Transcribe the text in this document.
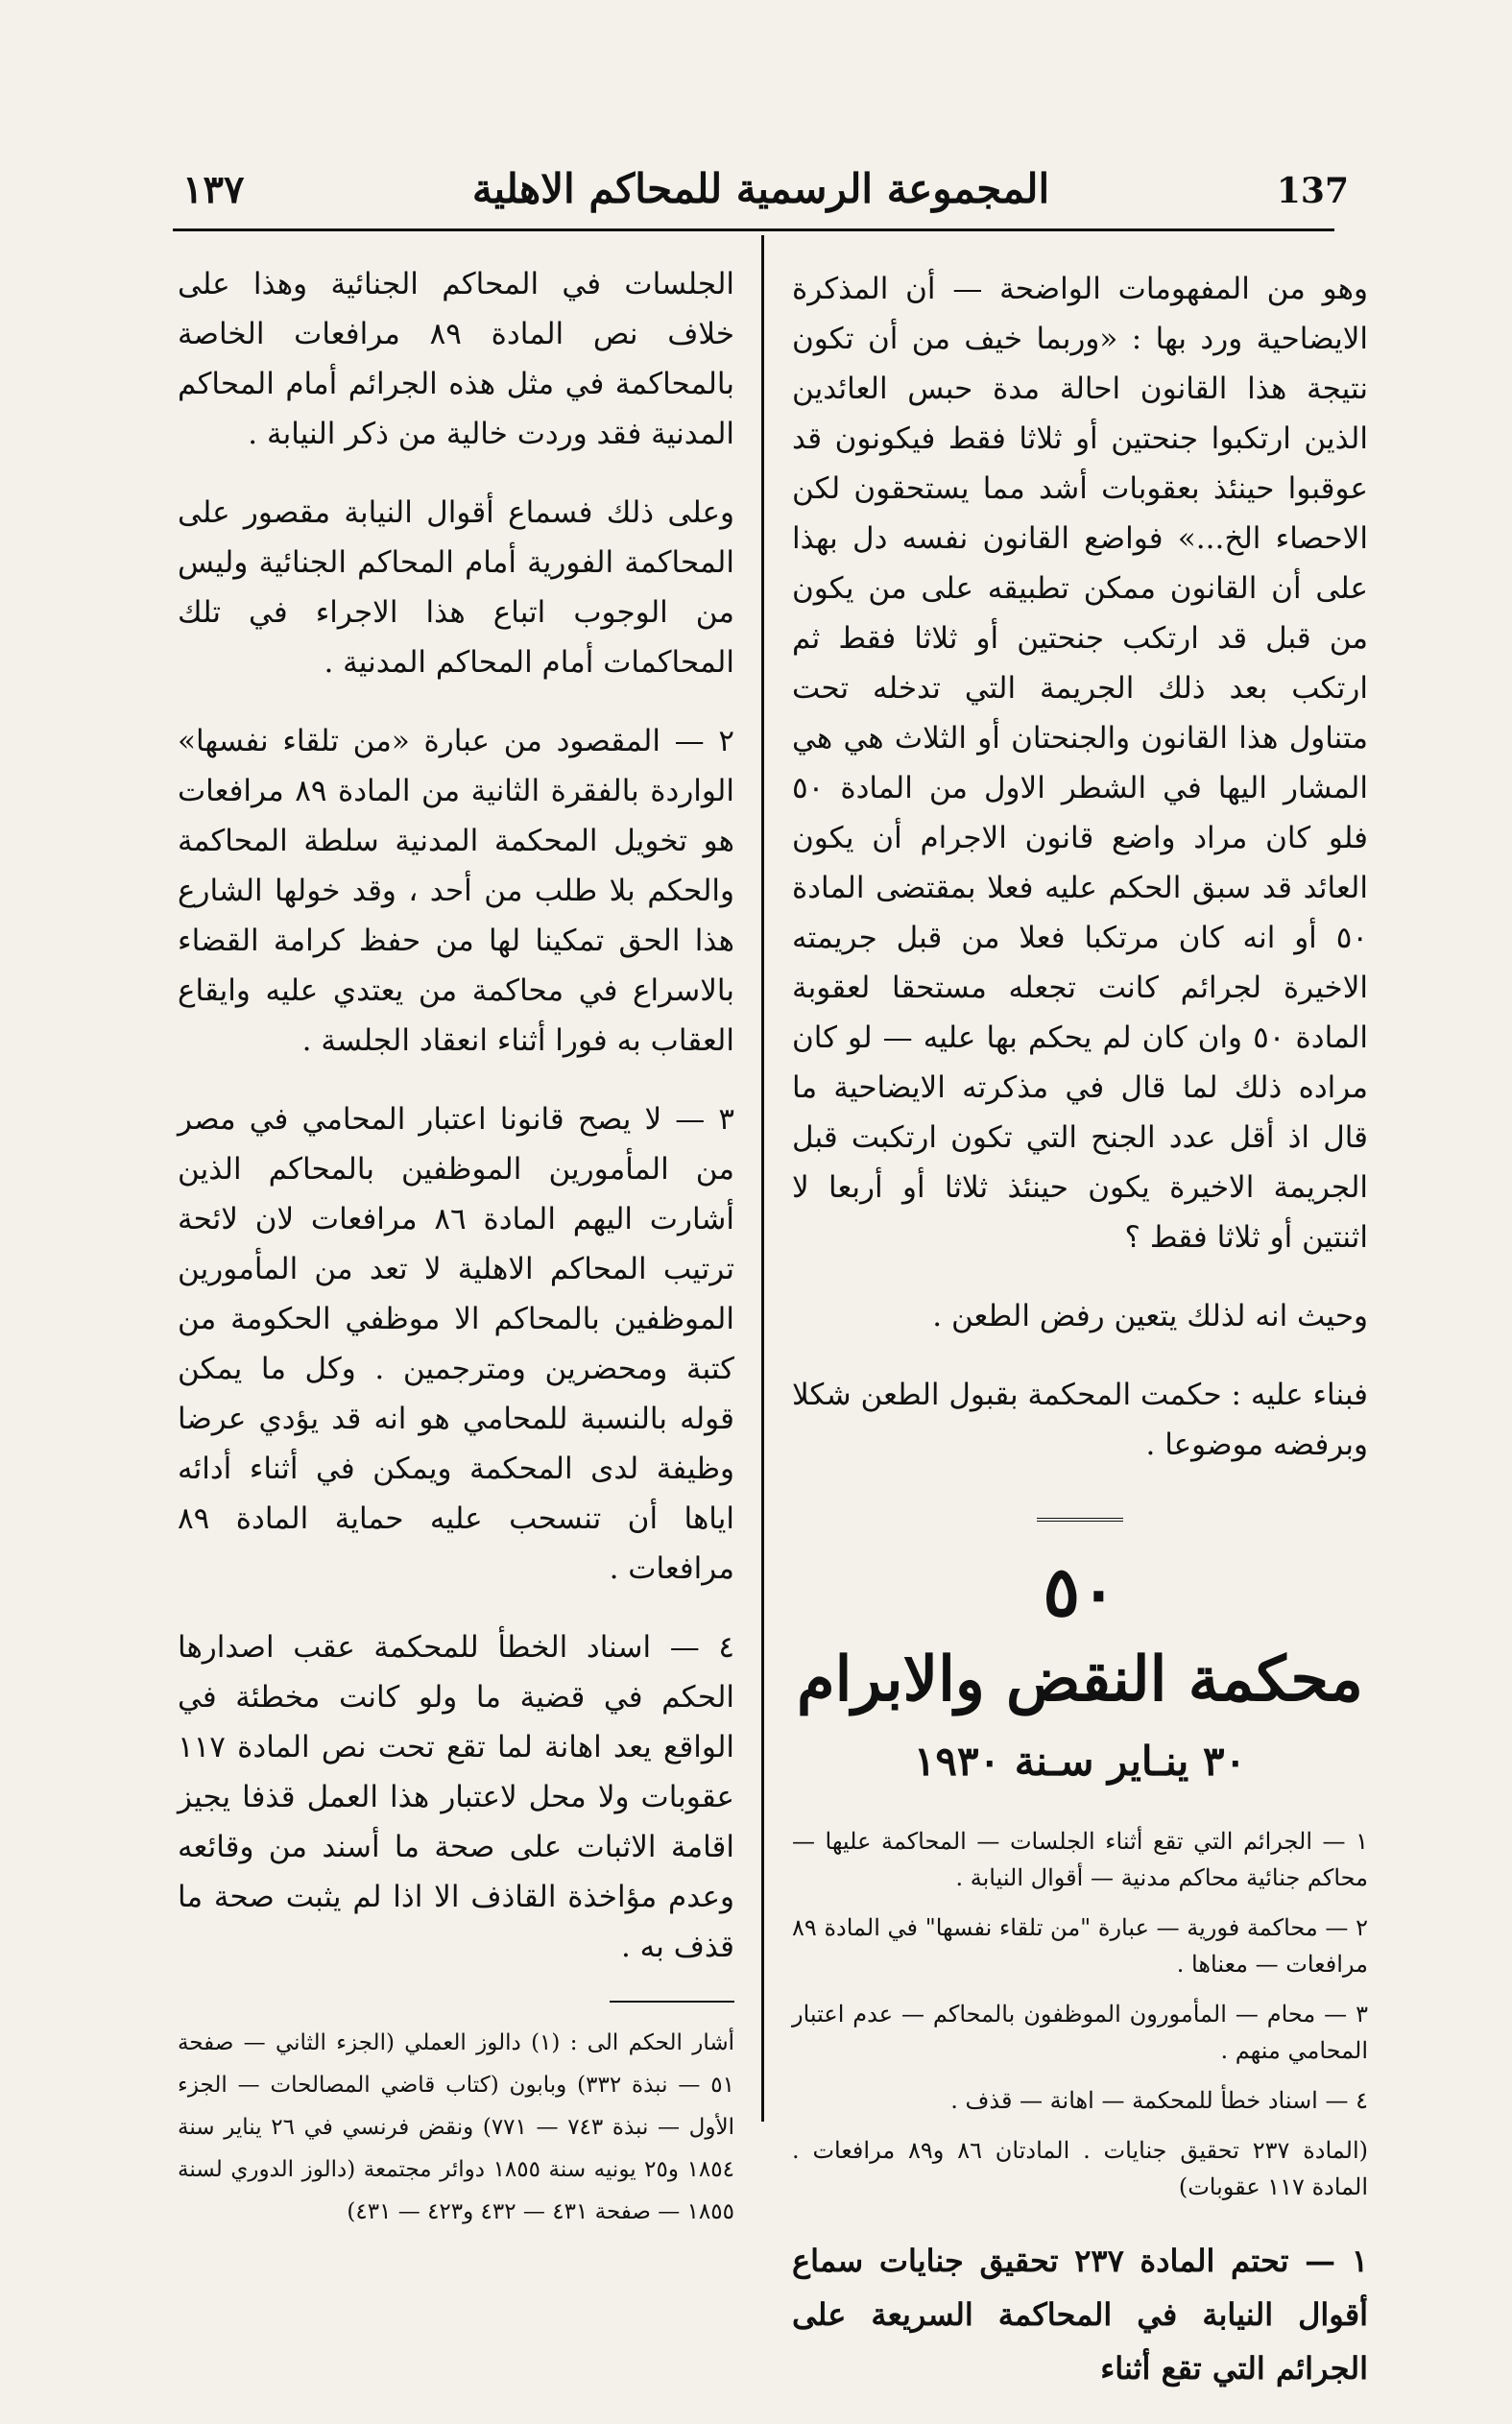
137
المجموعة الرسمية للمحاكم الاهلية
١٣٧

وهو من المفهومات الواضحة — أن المذكرة الايضاحية ورد بها : «وربما خيف من أن تكون نتيجة هذا القانون احالة مدة حبس العائدين الذين ارتكبوا جنحتين أو ثلاثا فقط فيكونون قد عوقبوا حينئذ بعقوبات أشد مما يستحقون لكن الاحصاء الخ...» فواضع القانون نفسه دل بهذا على أن القانون ممكن تطبيقه على من يكون من قبل قد ارتكب جنحتين أو ثلاثا فقط ثم ارتكب بعد ذلك الجريمة التي تدخله تحت متناول هذا القانون والجنحتان أو الثلاث هي هي المشار اليها في الشطر الاول من المادة ٥٠ فلو كان مراد واضع قانون الاجرام أن يكون العائد قد سبق الحكم عليه فعلا بمقتضى المادة ٥٠ أو انه كان مرتكبا فعلا من قبل جريمته الاخيرة لجرائم كانت تجعله مستحقا لعقوبة المادة ٥٠ وان كان لم يحكم بها عليه — لو كان مراده ذلك لما قال في مذكرته الايضاحية ما قال اذ أقل عدد الجنح التي تكون ارتكبت قبل الجريمة الاخيرة يكون حينئذ ثلاثا أو أربعا لا اثنتين أو ثلاثا فقط ؟

وحيث انه لذلك يتعين رفض الطعن .

فبناء عليه : حكمت المحكمة بقبول الطعن شكلا وبرفضه موضوعا .

٥٠
محكمة النقض والابرام
٣٠ ينـاير سـنة ١٩٣٠
١ — الجرائم التي تقع أثناء الجلسات — المحاكمة عليها — محاكم جنائية محاكم مدنية — أقوال النيابة .
٢ — محاكمة فورية — عبارة "من تلقاء نفسها" في المادة ٨٩ مرافعات — معناها .
٣ — محام — المأمورون الموظفون بالمحاكم — عدم اعتبار المحامي منهم .
٤ — اسناد خطأ للمحكمة — اهانة — قذف .
(المادة ٢٣٧ تحقيق جنايات . المادتان ٨٦ و٨٩ مرافعات . المادة ١١٧ عقوبات)

١ — تحتم المادة ٢٣٧ تحقيق جنايات سماع أقوال النيابة في المحاكمة السريعة على الجرائم التي تقع أثناء

الجلسات في المحاكم الجنائية وهذا على خلاف نص المادة ٨٩ مرافعات الخاصة بالمحاكمة في مثل هذه الجرائم أمام المحاكم المدنية فقد وردت خالية من ذكر النيابة .

وعلى ذلك فسماع أقوال النيابة مقصور على المحاكمة الفورية أمام المحاكم الجنائية وليس من الوجوب اتباع هذا الاجراء في تلك المحاكمات أمام المحاكم المدنية .

٢ — المقصود من عبارة «من تلقاء نفسها» الواردة بالفقرة الثانية من المادة ٨٩ مرافعات هو تخويل المحكمة المدنية سلطة المحاكمة والحكم بلا طلب من أحد ، وقد خولها الشارع هذا الحق تمكينا لها من حفظ كرامة القضاء بالاسراع في محاكمة من يعتدي عليه وايقاع العقاب به فورا أثناء انعقاد الجلسة .

٣ — لا يصح قانونا اعتبار المحامي في مصر من المأمورين الموظفين بالمحاكم الذين أشارت اليهم المادة ٨٦ مرافعات لان لائحة ترتيب المحاكم الاهلية لا تعد من المأمورين الموظفين بالمحاكم الا موظفي الحكومة من كتبة ومحضرين ومترجمين . وكل ما يمكن قوله بالنسبة للمحامي هو انه قد يؤدي عرضا وظيفة لدى المحكمة ويمكن في أثناء أدائه اياها أن تنسحب عليه حماية المادة ٨٩ مرافعات .

٤ — اسناد الخطأ للمحكمة عقب اصدارها الحكم في قضية ما ولو كانت مخطئة في الواقع يعد اهانة لما تقع تحت نص المادة ١١٧ عقوبات ولا محل لاعتبار هذا العمل قذفا يجيز اقامة الاثبات على صحة ما أسند من وقائعه وعدم مؤاخذة القاذف الا اذا لم يثبت صحة ما قذف به .

أشار الحكم الى : (١) دالوز العملي (الجزء الثاني — صفحة ٥١ — نبذة ٣٣٢) وبابون (كتاب قاضي المصالحات — الجزء الأول — نبذة ٧٤٣ — ٧٧١) ونقض فرنسي في ٢٦ يناير سنة ١٨٥٤ و٢٥ يونيه سنة ١٨٥٥ دوائر مجتمعة (دالوز الدوري لسنة ١٨٥٥ — صفحة ٤٣١ — ٤٣٢ و٤٢٣ — ٤٣١)
